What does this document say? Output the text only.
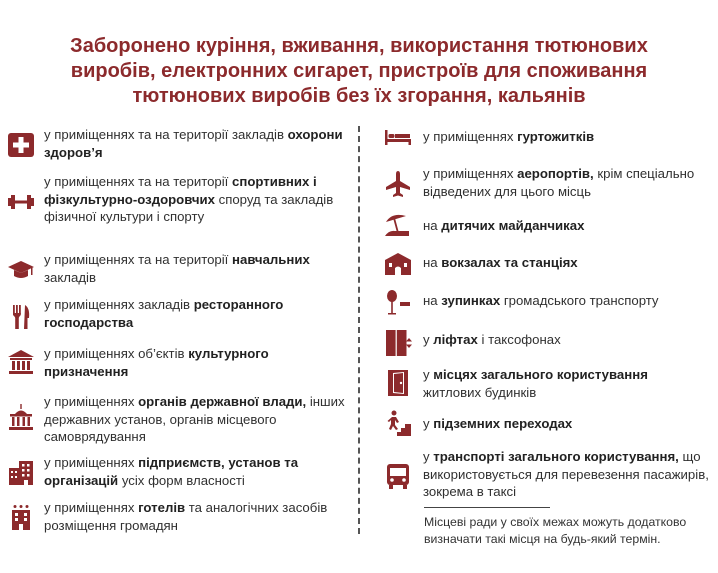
Заборонено куріння, вживання, використання тютюнових
виробів, електронних сигарет, пристроїв для споживання
тютюнових виробів без їх згорання, кальянів
у приміщеннях та на території закладів охорони здоров’я
у приміщеннях та на території спортивних і фізкультурно-оздоровчих споруд та закладів фізичної культури і спорту
у приміщеннях та на території навчальних закладів
у приміщеннях закладів ресторанного господарства
у приміщеннях об’єктів культурного призначення
у приміщеннях органів державної влади, інших державних установ, органів місцевого самоврядування
у приміщеннях підприємств, установ та організацій усіх форм власності
у приміщеннях готелів та аналогічних засобів розміщення громадян
у приміщеннях гуртожитків
у приміщеннях аеропортів, крім спеціально відведених для цього місць
на дитячих майданчиках
на вокзалах та станціях
на зупинках громадського транспорту
у ліфтах і таксофонах
у місцях загального користування житлових будинків
у підземних переходах
у транспорті загального користування, що використовується для перевезення пасажирів, зокрема в таксі
Місцеві ради у своїх межах можуть додатково визначати такі місця на будь-який термін.
